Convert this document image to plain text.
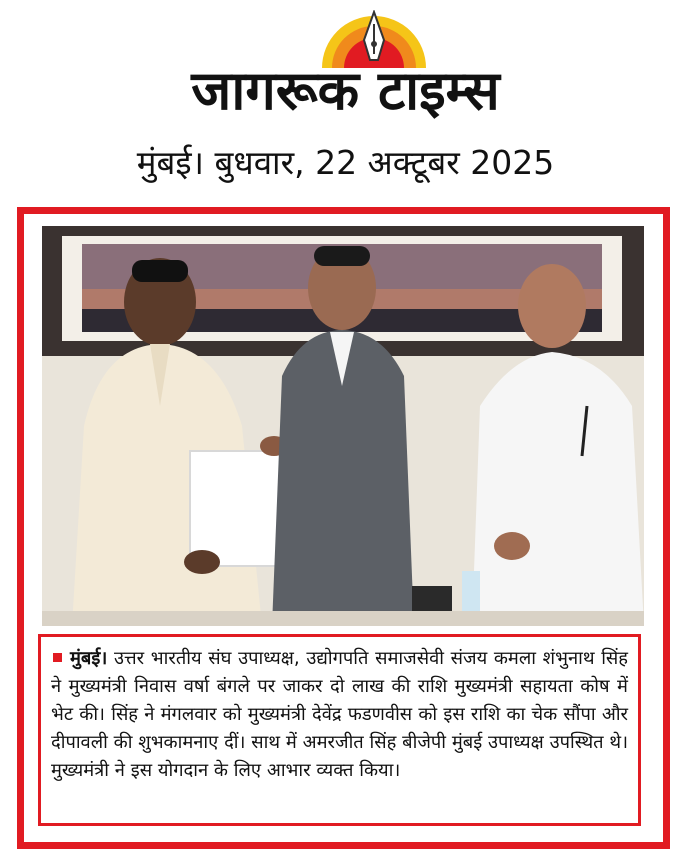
जागरूक टाइम्स
मुंबई। बुधवार, 22 अक्टूबर 2025
मुंबई। उत्तर भारतीय संघ उपाध्यक्ष, उद्योगपति समाजसेवी संजय कमला शंभुनाथ सिंह ने मुख्यमंत्री निवास वर्षा बंगले पर जाकर दो लाख की राशि मुख्यमंत्री सहायता कोष में भेट की। सिंह ने मंगलवार को मुख्यमंत्री देवेंद्र फडणवीस को इस राशि का चेक सौंपा और दीपावली की शुभकामनाए दीं। साथ में अमरजीत सिंह बीजेपी मुंबई उपाध्यक्ष उपस्थित थे। मुख्यमंत्री ने इस योगदान के लिए आभार व्यक्त किया।
